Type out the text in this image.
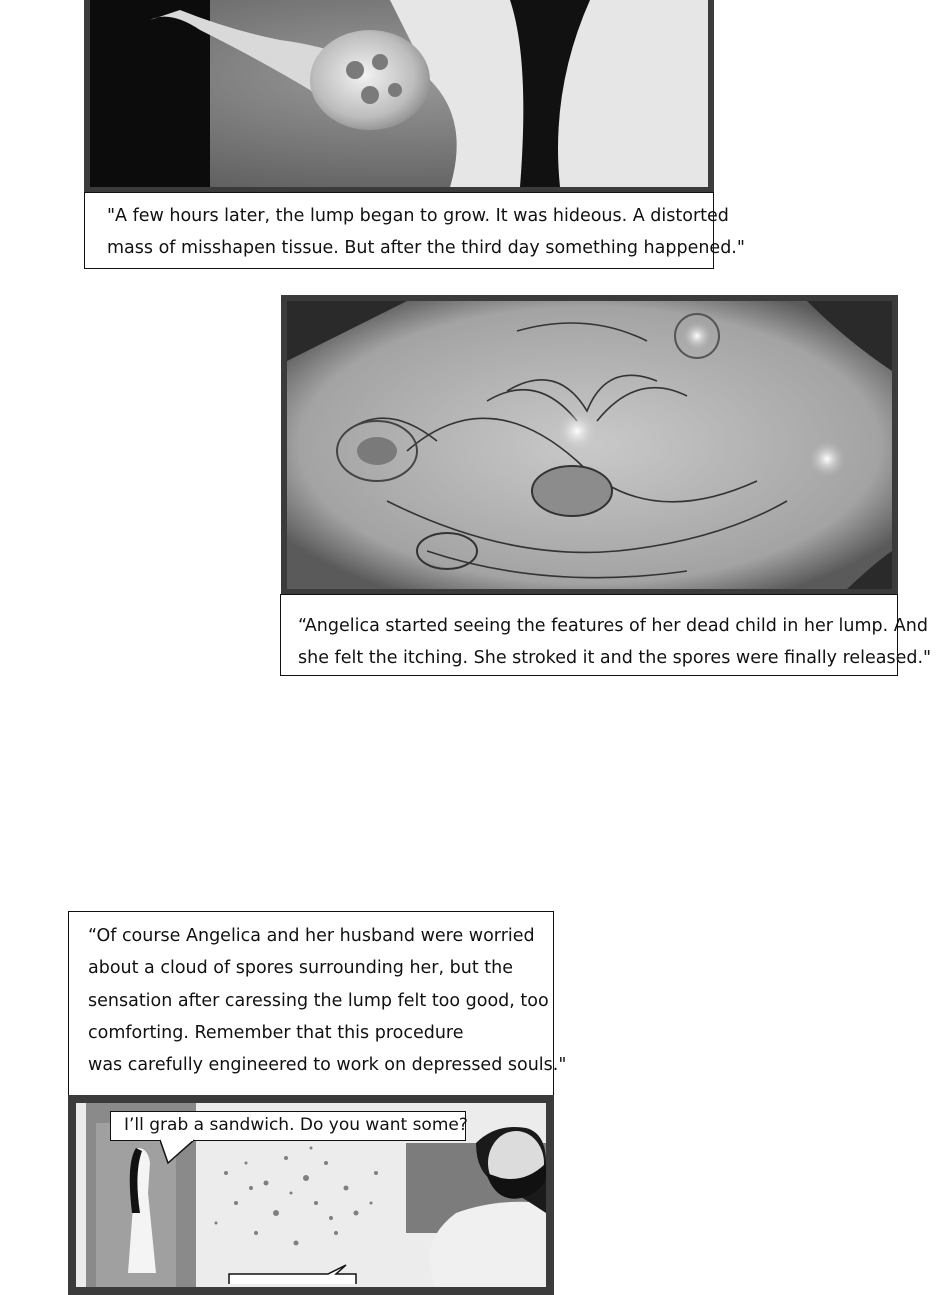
"A few hours later, the lump began to grow. It was hideous. A distorted
mass of misshapen tissue. But after the third day something happened."
“Angelica started seeing the features of her dead child in her lump. And
she felt the itching. She stroked it and the spores were finally released."
“Of course Angelica and her husband were worried
about a cloud of spores surrounding her, but the
sensation after caressing the lump felt too good, too
comforting. Remember that this procedure
was carefully engineered to work on depressed souls."
I’ll grab a sandwich. Do you want some?
